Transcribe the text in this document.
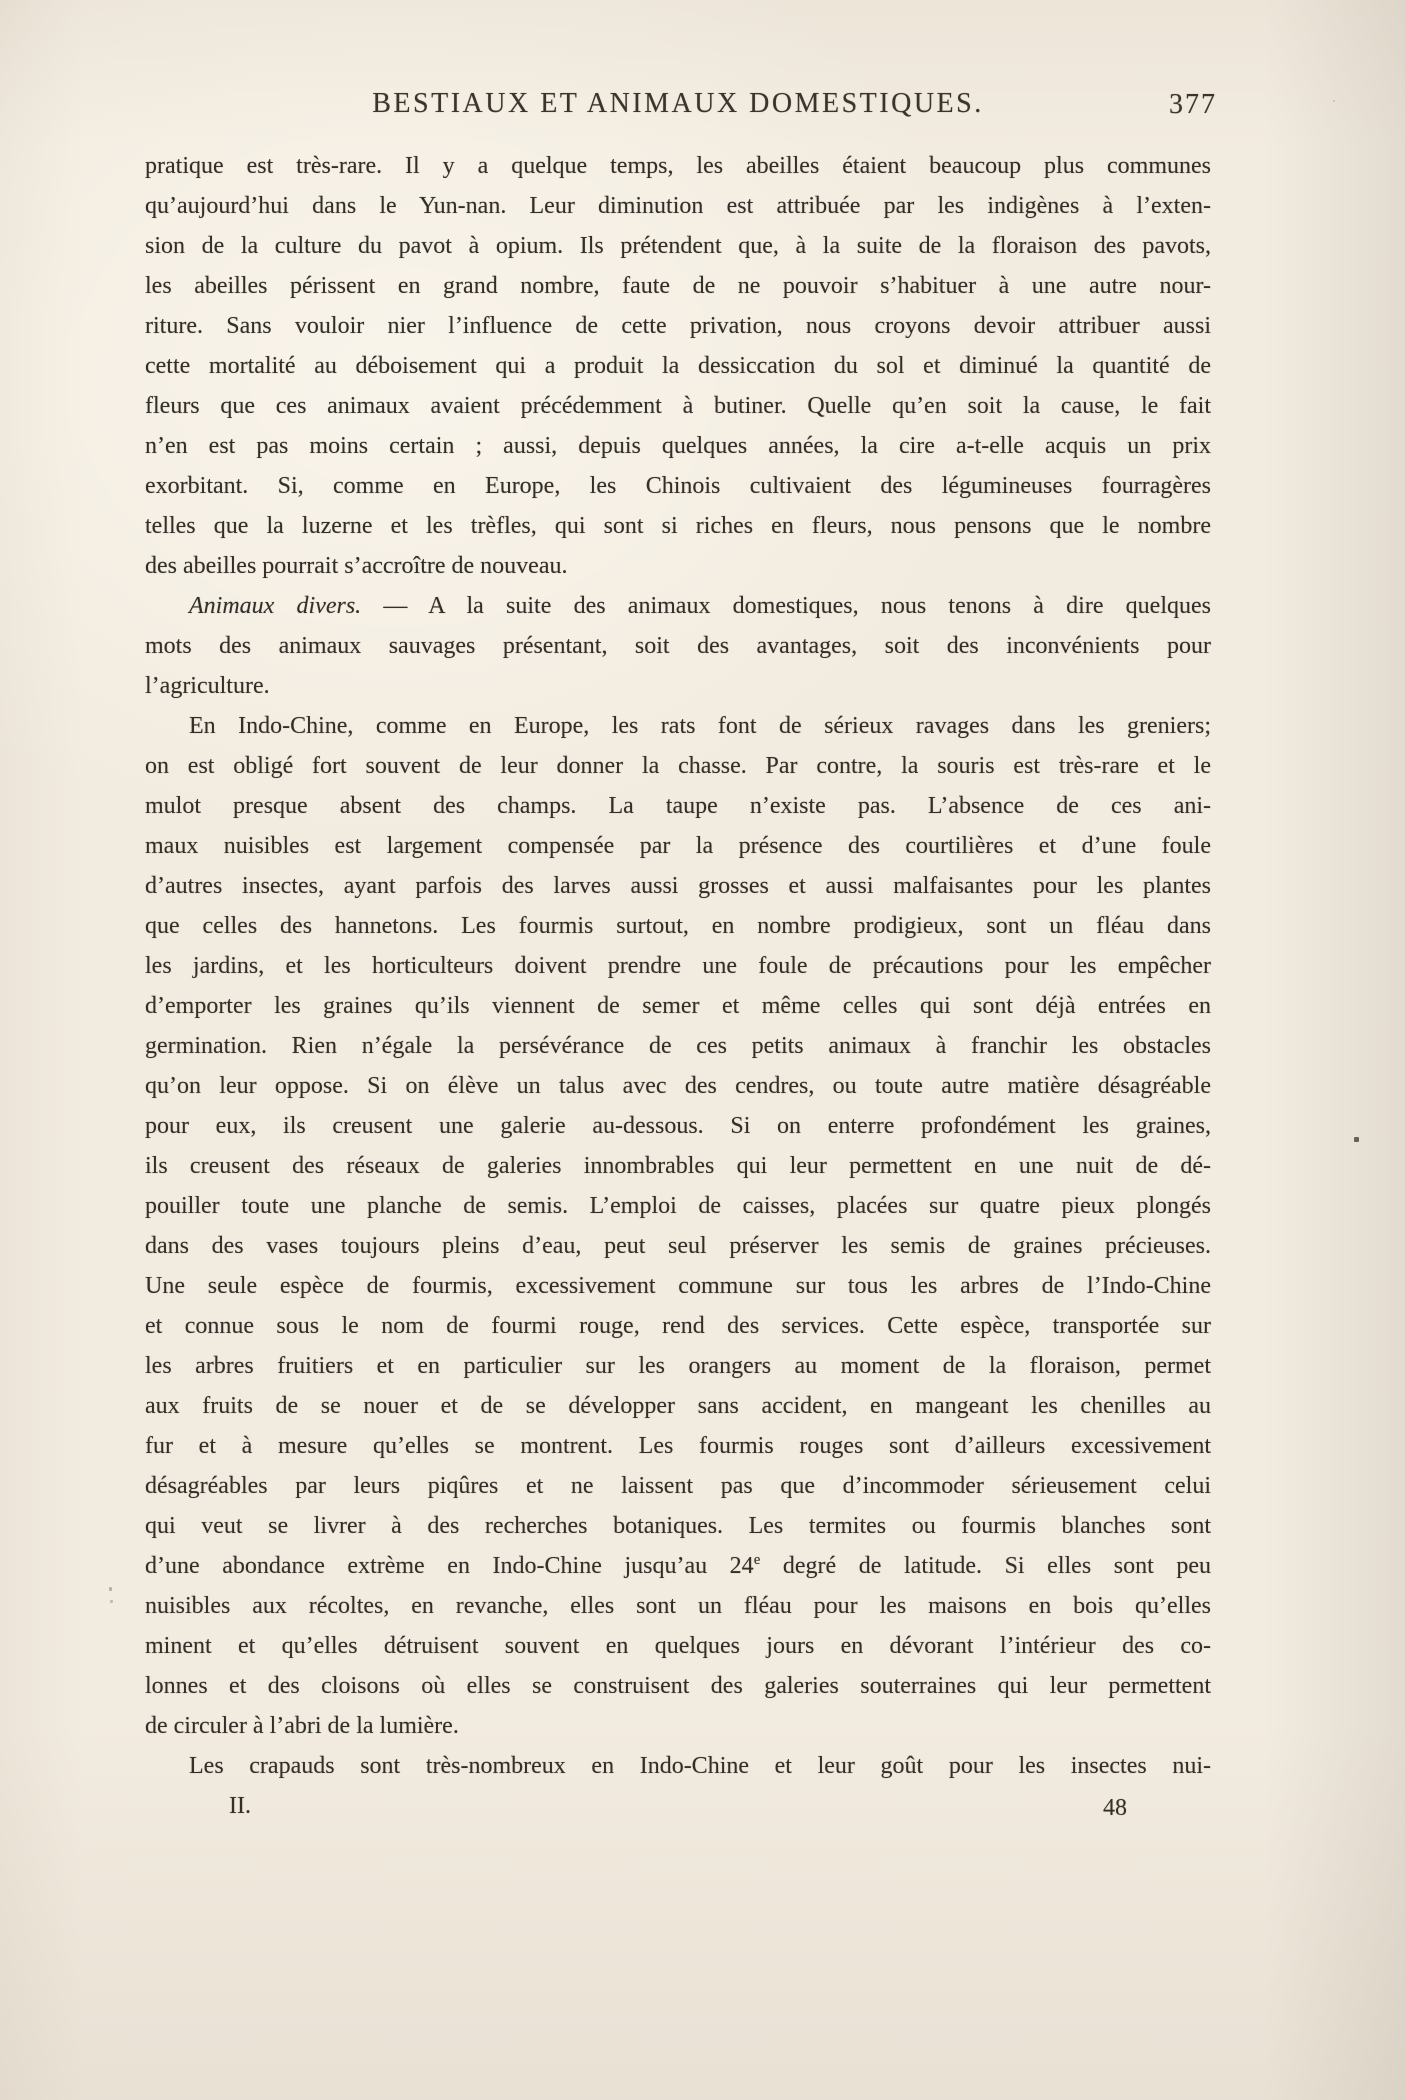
BESTIAUX ET ANIMAUX DOMESTIQUES.	377
pratique est très-rare. Il y a quelque temps, les abeilles étaient beaucoup plus communes
qu’aujourd’hui dans le Yun-nan. Leur diminution est attribuée par les indigènes à l’exten-
sion de la culture du pavot à opium. Ils prétendent que, à la suite de la floraison des pavots,
les abeilles périssent en grand nombre, faute de ne pouvoir s’habituer à une autre nour-
riture. Sans vouloir nier l’influence de cette privation, nous croyons devoir attribuer aussi
cette mortalité au déboisement qui a produit la dessiccation du sol et diminué la quantité de
fleurs que ces animaux avaient précédemment à butiner. Quelle qu’en soit la cause, le fait
n’en est pas moins certain ; aussi, depuis quelques années, la cire a-t-elle acquis un prix
exorbitant. Si, comme en Europe, les Chinois cultivaient des légumineuses fourragères
telles que la luzerne et les trèfles, qui sont si riches en fleurs, nous pensons que le nombre
des abeilles pourrait s’accroître de nouveau.
Animaux divers. — A la suite des animaux domestiques, nous tenons à dire quelques
mots des animaux sauvages présentant, soit des avantages, soit des inconvénients pour
l’agriculture.
En Indo-Chine, comme en Europe, les rats font de sérieux ravages dans les greniers;
on est obligé fort souvent de leur donner la chasse. Par contre, la souris est très-rare et le
mulot presque absent des champs. La taupe n’existe pas. L’absence de ces ani-
maux nuisibles est largement compensée par la présence des courtilières et d’une foule
d’autres insectes, ayant parfois des larves aussi grosses et aussi malfaisantes pour les plantes
que celles des hannetons. Les fourmis surtout, en nombre prodigieux, sont un fléau dans
les jardins, et les horticulteurs doivent prendre une foule de précautions pour les empêcher
d’emporter les graines qu’ils viennent de semer et même celles qui sont déjà entrées en
germination. Rien n’égale la persévérance de ces petits animaux à franchir les obstacles
qu’on leur oppose. Si on élève un talus avec des cendres, ou toute autre matière désagréable
pour eux, ils creusent une galerie au-dessous. Si on enterre profondément les graines,
ils creusent des réseaux de galeries innombrables qui leur permettent en une nuit de dé-
pouiller toute une planche de semis. L’emploi de caisses, placées sur quatre pieux plongés
dans des vases toujours pleins d’eau, peut seul préserver les semis de graines précieuses.
Une seule espèce de fourmis, excessivement commune sur tous les arbres de l’Indo-Chine
et connue sous le nom de fourmi rouge, rend des services. Cette espèce, transportée sur
les arbres fruitiers et en particulier sur les orangers au moment de la floraison, permet
aux fruits de se nouer et de se développer sans accident, en mangeant les chenilles au
fur et à mesure qu’elles se montrent. Les fourmis rouges sont d’ailleurs excessivement
désagréables par leurs piqûres et ne laissent pas que d’incommoder sérieusement celui
qui veut se livrer à des recherches botaniques. Les termites ou fourmis blanches sont
d’une abondance extrème en Indo-Chine jusqu’au 24e degré de latitude. Si elles sont peu
nuisibles aux récoltes, en revanche, elles sont un fléau pour les maisons en bois qu’elles
minent et qu’elles détruisent souvent en quelques jours en dévorant l’intérieur des co-
lonnes et des cloisons où elles se construisent des galeries souterraines qui leur permettent
de circuler à l’abri de la lumière.
Les crapauds sont très-nombreux en Indo-Chine et leur goût pour les insectes nui-
II.	48
